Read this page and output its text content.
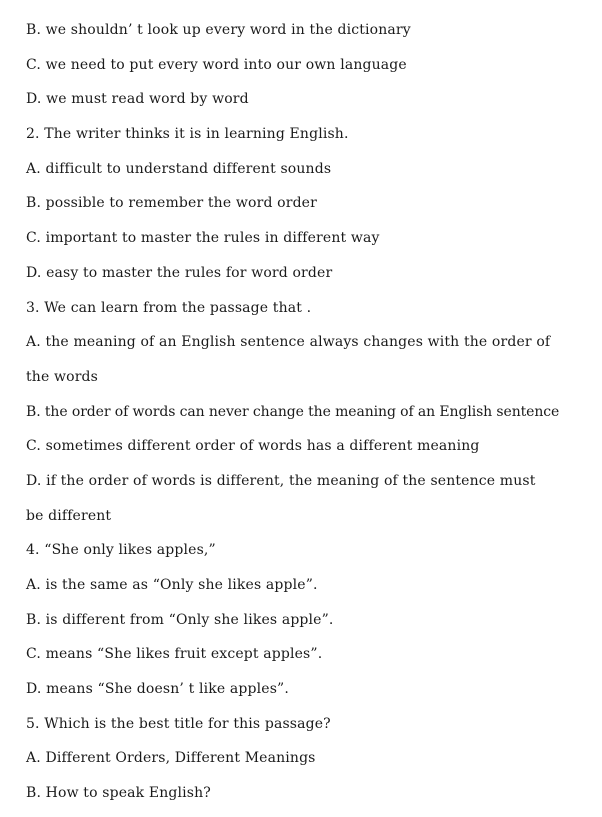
B. we shouldn’ t look up every word in the dictionary
C. we need to put every word into our own language
D. we must read word by word
2. The writer thinks it is in learning English.
A. difficult to understand different sounds
B. possible to remember the word order
C. important to master the rules in different way
D. easy to master the rules for word order
3. We can learn from the passage that .
A. the meaning of an English sentence always changes with the order of
the words
B. the order of words can never change the meaning of an English sentence
C. sometimes different order of words has a different meaning
D. if the order of words is different, the meaning of the sentence must
be different
4. “She only likes apples,”
A. is the same as “Only she likes apple”.
B. is different from “Only she likes apple”.
C. means “She likes fruit except apples”.
D. means “She doesn’ t like apples”.
5. Which is the best title for this passage?
A. Different Orders, Different Meanings
B. How to speak English?
